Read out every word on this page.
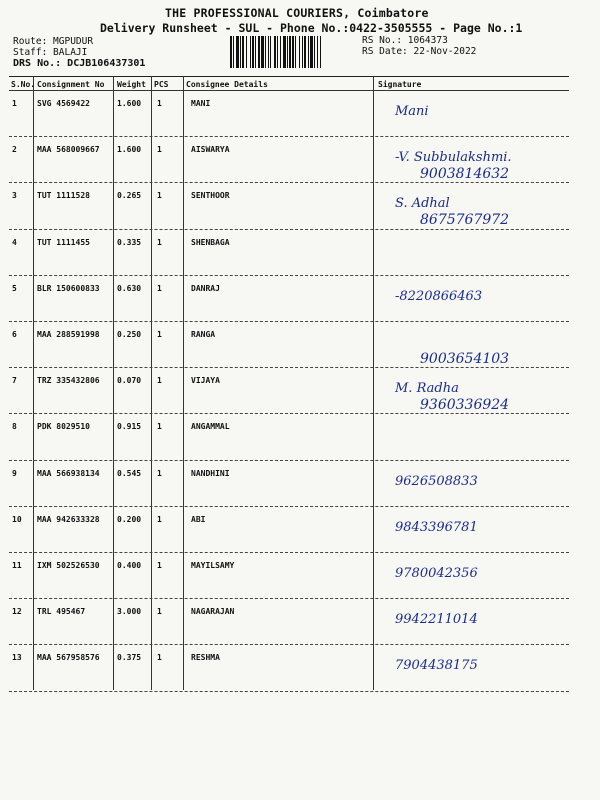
THE PROFESSIONAL COURIERS, Coimbatore
Delivery Runsheet - SUL - Phone No.:0422-3505555 - Page No.:1
Route: MGPUDUR
Staff: BALAJI
DRS No.: DCJB106437301
RS No.: 1064373
RS Date: 22-Nov-2022
S.No. Consignment No Weight PCS Consignee Details	Signature
1	SVG 4569422	1.600 1	MANI
Mani
2	MAA 568009667 1.600 1	AISWARYA
-V. Subbulakshmi.
9003814632
3	TUT 1111528	0.265 1	SENTHOOR
S. Adhal
8675767972
4	TUT 1111455	0.335 1	SHENBAGA
5	BLR 150600833 0.630 1	DANRAJ
-8220866463
6	MAA 288591998 0.250 1	RANGA
9003654103
7	TRZ 335432806 0.070 1	VIJAYA
M. Radha
9360336924
8	PDK 8029510	0.915 1	ANGAMMAL
9	MAA 566938134 0.545 1	NANDHINI
9626508833
10 MAA 942633328 0.200 1	ABI
9843396781
11 IXM 502526530 0.400 1	MAYILSAMY
9780042356
12 TRL 495467	3.000 1	NAGARAJAN
9942211014
13 MAA 567958576 0.375 1	RESHMA
7904438175
